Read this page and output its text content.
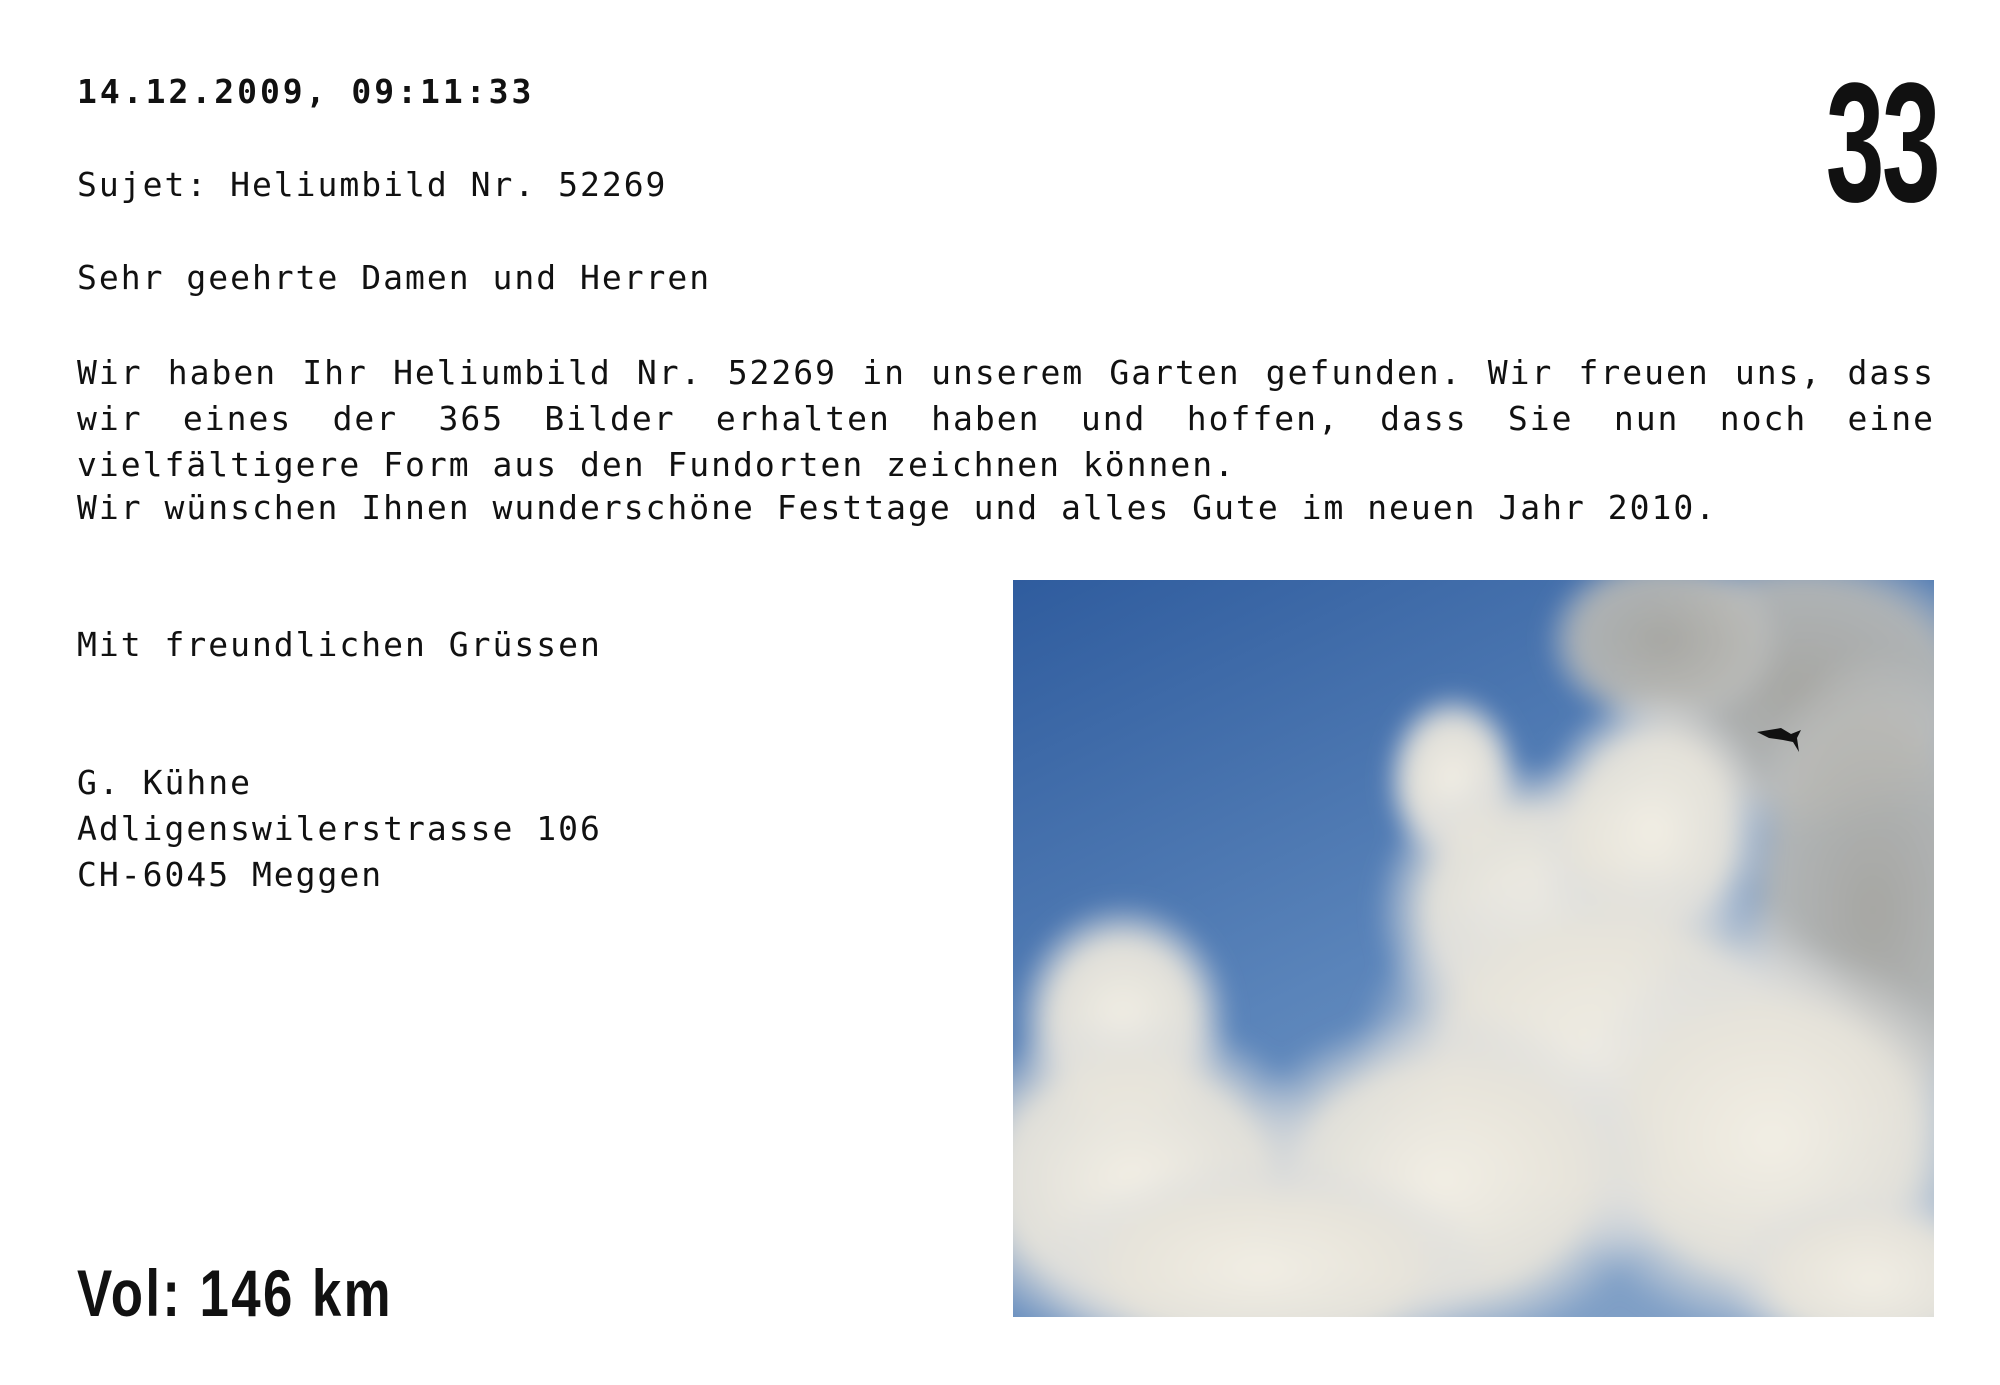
14.12.2009, 09:11:33
Sujet: Heliumbild Nr. 52269
Sehr geehrte Damen und Herren
Wir haben Ihr Heliumbild Nr. 52269 in unserem Garten gefunden. Wir freuen uns, dass wir eines der 365 Bilder erhalten haben und hoffen, dass Sie nun noch eine vielfältigere Form aus den Fundorten zeichnen können.
Wir wünschen Ihnen wunderschöne Festtage und alles Gute im neuen Jahr 2010.
Mit freundlichen Grüssen
G. Kühne
Adligenswilerstrasse 106
CH-6045 Meggen
33
Vol: 146 km
